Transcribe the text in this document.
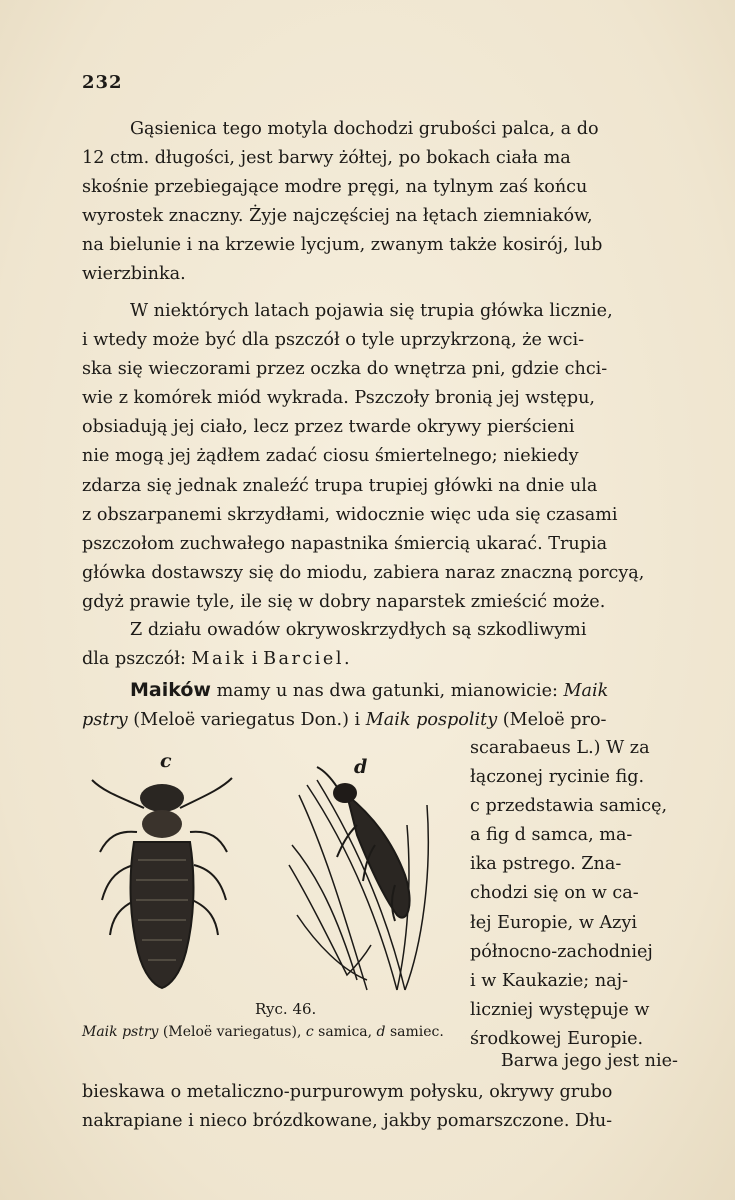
232

Gąsienica tego motyla dochodzi grubości palca, a do

12 ctm. długości, jest barwy żółtej, po bokach ciała ma

skośnie przebiegające modre pręgi, na tylnym zaś końcu

wyrostek znaczny. Żyje najczęściej na łętach ziemniaków,

na bielunie i na krzewie lycjum, zwanym także kosirój, lub

wierzbinka.

W niektórych latach pojawia się trupia główka licznie,

i wtedy może być dla pszczół o tyle uprzykrzoną, że wci-

ska się wieczorami przez oczka do wnętrza pni, gdzie chci-

wie z komórek miód wykrada. Pszczoły bronią jej wstępu,

obsiadują jej ciało, lecz przez twarde okrywy pierścieni

nie mogą jej żądłem zadać ciosu śmiertelnego; niekiedy

zdarza się jednak znaleźć trupa trupiej główki na dnie ula

z obszarpanemi skrzydłami, widocznie więc uda się czasami

pszczołom zuchwałego napastnika śmiercią ukarać. Trupia

główka dostawszy się do miodu, zabiera naraz znaczną porcyą,

gdyż prawie tyle, ile się w dobry naparstek zmieścić może.

Z działu owadów okrywoskrzydłych są szkodliwymi

dla pszczół: Maik i Barciel.

Maików mamy u nas dwa gatunki, mianowicie: Maik

pstry (Meloë variegatus Don.) i Maik pospolity (Meloë pro-

scarabaeus L.) W za
łączonej rycinie fig.
c przedstawia samicę,
a fig d samca, ma-
ika pstrego. Zna-
chodzi się on w ca-
łej Europie, w Azyi
północno-zachodniej
i w Kaukazie; naj-
liczniej występuje w
środkowej Europie.
c	d
Ryc. 46.
Maik pstry (Meloë variegatus), c samica, d samiec.
Barwa jego jest nie-

bieskawa o metaliczno-purpurowym połysku, okrywy grubo

nakrapiane i nieco brózdkowane, jakby pomarszczone. Dłu-
